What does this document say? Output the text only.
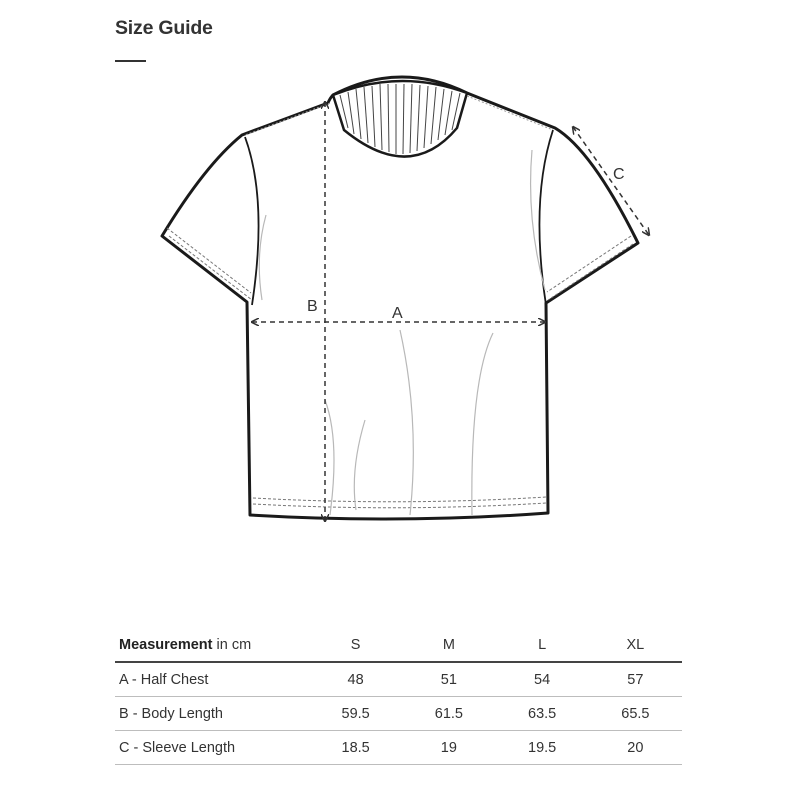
Size Guide
A
B
C
Measurement in cm	S	M	L	XL
A - Half Chest	48	51	54	57
B - Body Length	59.5	61.5	63.5	65.5
C - Sleeve Length	18.5	19	19.5	20
